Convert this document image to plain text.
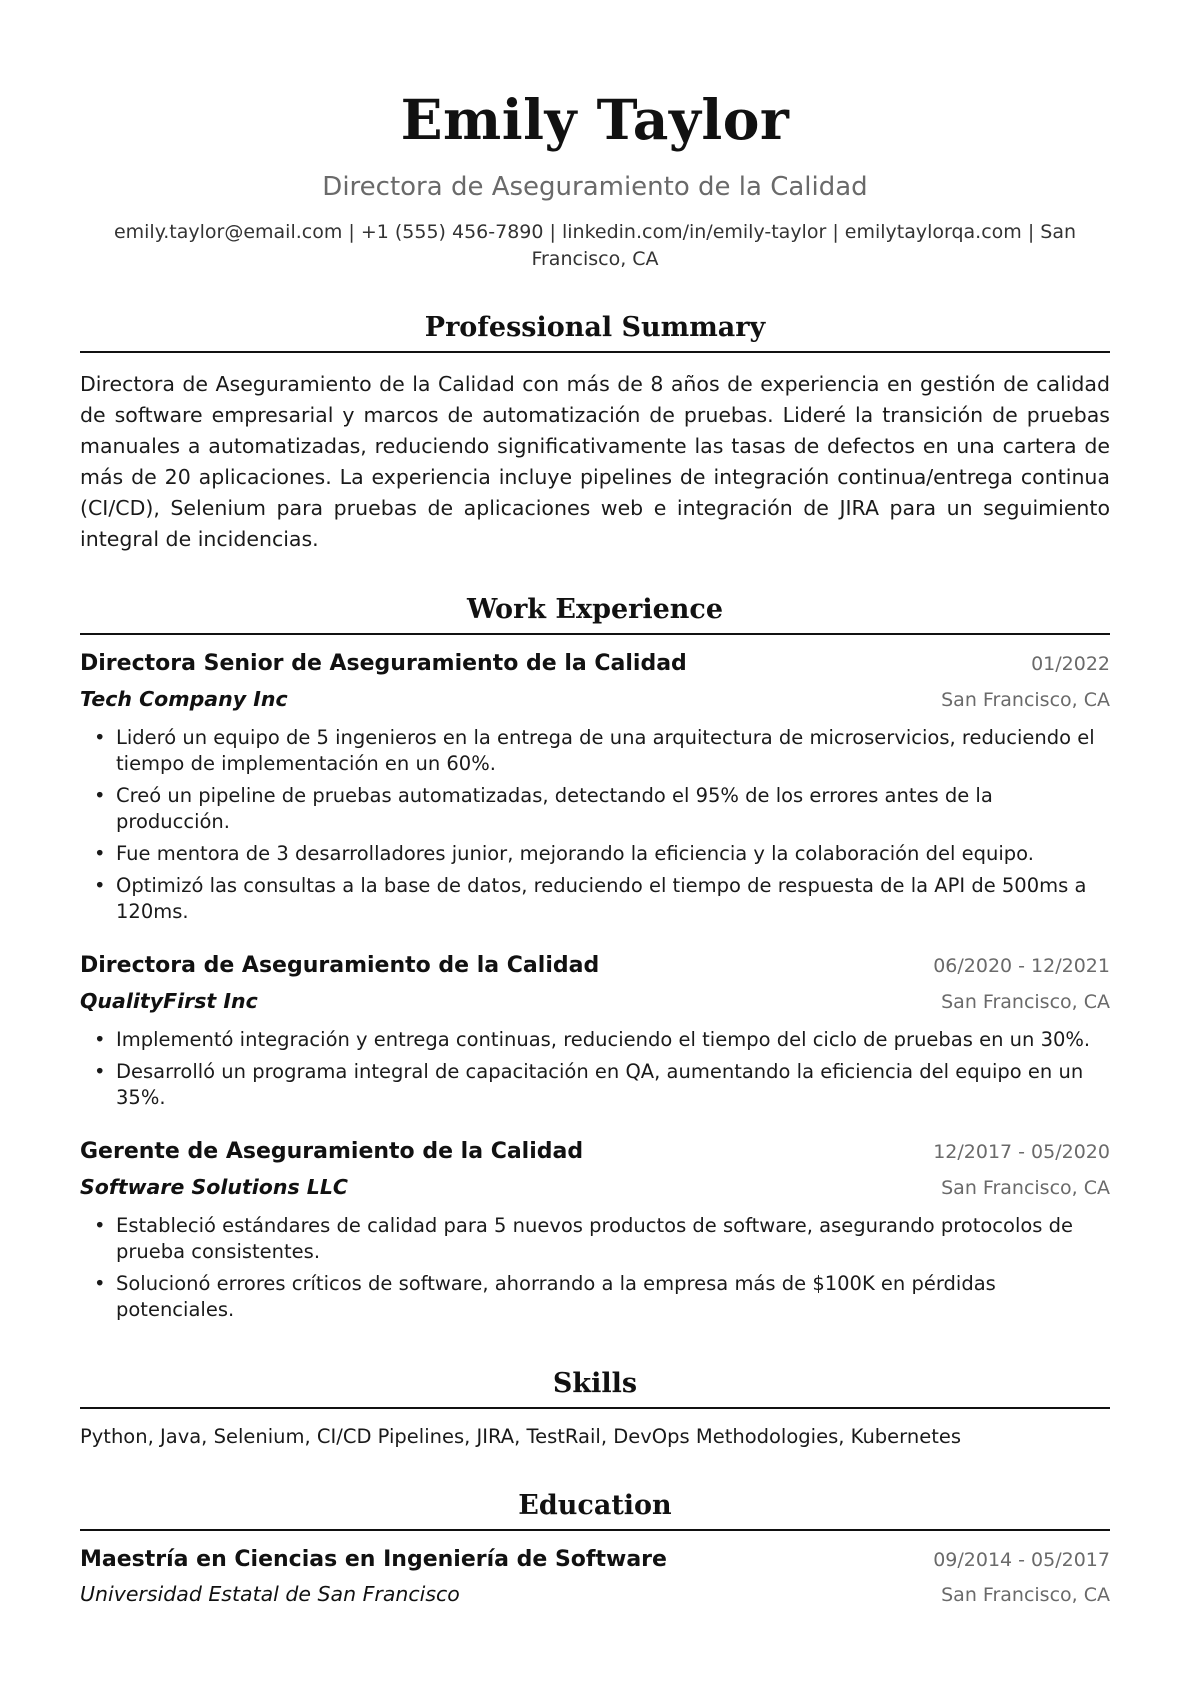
Emily Taylor
Directora de Aseguramiento de la Calidad
emily.taylor@email.com | +1 (555) 456-7890 | linkedin.com/in/emily-taylor | emilytaylorqa.com | San Francisco, CA
Professional Summary
Directora de Aseguramiento de la Calidad con más de 8 años de experiencia en gestión de calidad de software empresarial y marcos de automatización de pruebas. Lideré la transición de pruebas manuales a automatizadas, reduciendo significativamente las tasas de defectos en una cartera de más de 20 aplicaciones. La experiencia incluye pipelines de integración continua/entrega continua (CI/CD), Selenium para pruebas de aplicaciones web e integración de JIRA para un seguimiento integral de incidencias.
Work Experience
Directora Senior de Aseguramiento de la Calidad	01/2022
Tech Company Inc	San Francisco, CA
• Lideró un equipo de 5 ingenieros en la entrega de una arquitectura de microservicios, reduciendo el tiempo de implementación en un 60%.
• Creó un pipeline de pruebas automatizadas, detectando el 95% de los errores antes de la producción.
• Fue mentora de 3 desarrolladores junior, mejorando la eficiencia y la colaboración del equipo.
• Optimizó las consultas a la base de datos, reduciendo el tiempo de respuesta de la API de 500ms a 120ms.
Directora de Aseguramiento de la Calidad	06/2020 - 12/2021
QualityFirst Inc	San Francisco, CA
• Implementó integración y entrega continuas, reduciendo el tiempo del ciclo de pruebas en un 30%.
• Desarrolló un programa integral de capacitación en QA, aumentando la eficiencia del equipo en un 35%.
Gerente de Aseguramiento de la Calidad	12/2017 - 05/2020
Software Solutions LLC	San Francisco, CA
• Estableció estándares de calidad para 5 nuevos productos de software, asegurando protocolos de prueba consistentes.
• Solucionó errores críticos de software, ahorrando a la empresa más de $100K en pérdidas potenciales.
Skills
Python, Java, Selenium, CI/CD Pipelines, JIRA, TestRail, DevOps Methodologies, Kubernetes
Education
Maestría en Ciencias en Ingeniería de Software	09/2014 - 05/2017
Universidad Estatal de San Francisco	San Francisco, CA
